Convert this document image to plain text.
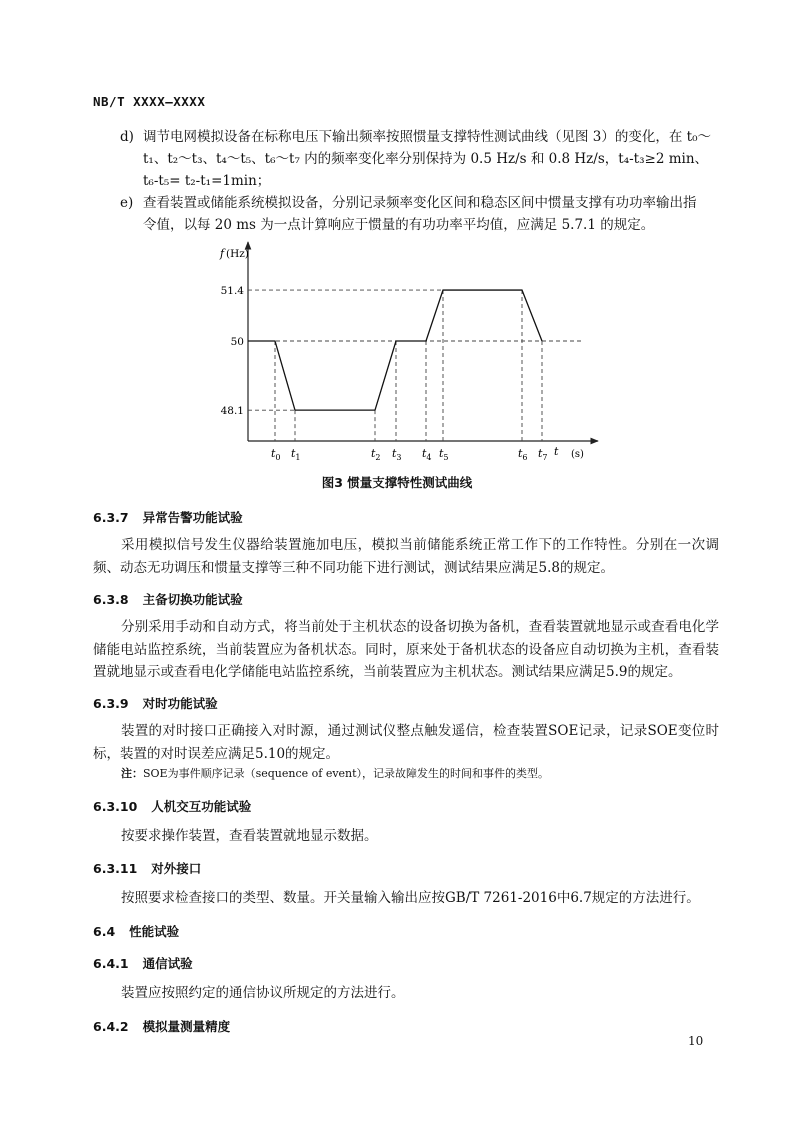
NB/T XXXX—XXXX
d) 调节电网模拟设备在标称电压下输出频率按照惯量支撑特性测试曲线（见图 3）的变化，在 t₀～
t₁、t₂～t₃、t₄～t₅、t₆～t₇ 内的频率变化率分别保持为 0.5 Hz/s 和 0.8 Hz/s，t₄-t₃≥2 min、
t₆-t₅= t₂-t₁=1min；
e) 查看装置或储能系统模拟设备，分别记录频率变化区间和稳态区间中惯量支撑有功功率输出指
令值，以每 20 ms 为一点计算响应于惯量的有功功率平均值，应满足 5.7.1 的规定。
f (Hz)
51.4
50
48.1
$t_0$ $t_1$	$t_2$ $t_3$ $t_4$ $t_5$	$t_6$ $t_7$ t (s)
图3 惯量支撑特性测试曲线
6.3.7 异常告警功能试验
采用模拟信号发生仪器给装置施加电压，模拟当前储能系统正常工作下的工作特性。分别在一次调频、动态无功调压和惯量支撑等三种不同功能下进行测试，测试结果应满足5.8的规定。
6.3.8 主备切换功能试验
分别采用手动和自动方式，将当前处于主机状态的设备切换为备机，查看装置就地显示或查看电化学储能电站监控系统，当前装置应为备机状态。同时，原来处于备机状态的设备应自动切换为主机，查看装置就地显示或查看电化学储能电站监控系统，当前装置应为主机状态。测试结果应满足5.9的规定。
6.3.9 对时功能试验
装置的对时接口正确接入对时源，通过测试仪整点触发遥信，检查装置SOE记录，记录SOE变位时标，装置的对时误差应满足5.10的规定。
注：SOE为事件顺序记录（sequence of event），记录故障发生的时间和事件的类型。
6.3.10 人机交互功能试验
按要求操作装置，查看装置就地显示数据。
6.3.11 对外接口
按照要求检查接口的类型、数量。开关量输入输出应按GB/T 7261-2016中6.7规定的方法进行。
6.4 性能试验
6.4.1 通信试验
装置应按照约定的通信协议所规定的方法进行。
6.4.2 模拟量测量精度
10
